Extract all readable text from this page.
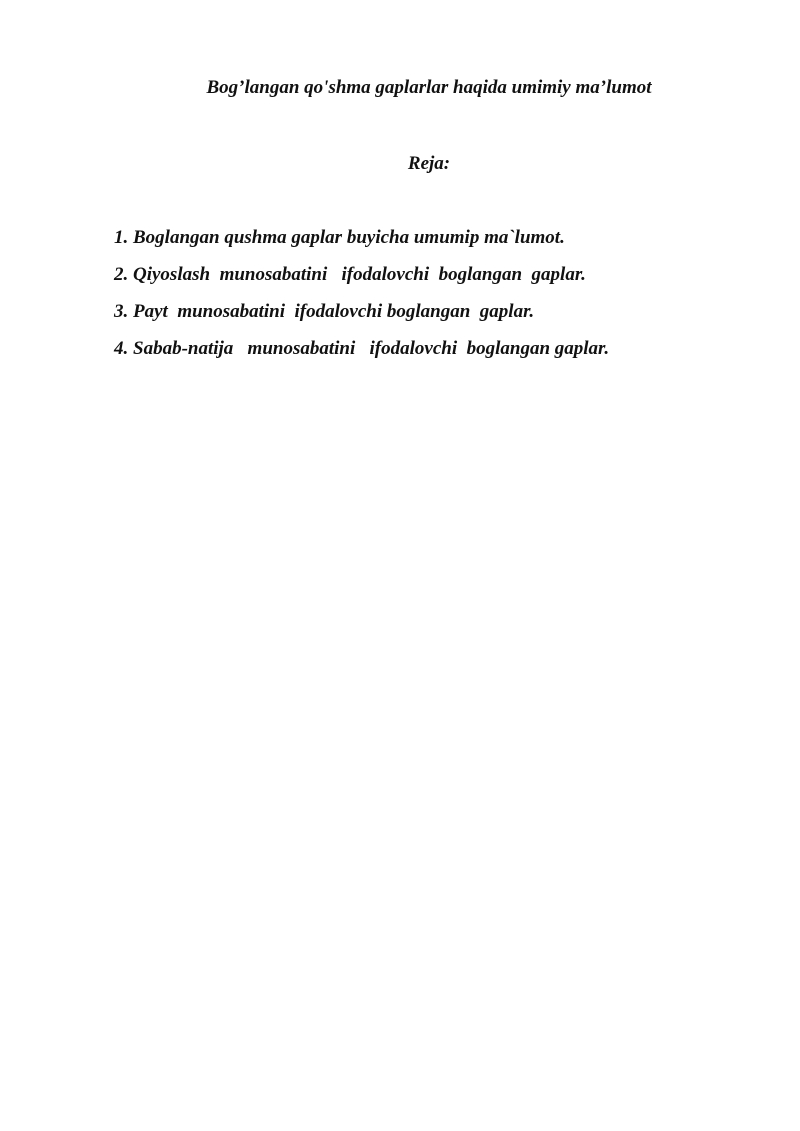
Bog’langan qo'shma gaplarlar haqida umimiy ma’lumot
Reja:
1. Boglangan qushma gaplar buyicha umumip ma`lumot.
2. Qiyoslash  munosabatini   ifodalovchi  boglangan  gaplar.
3. Payt  munosabatini  ifodalovchi boglangan  gaplar.
4. Sabab-natija   munosabatini   ifodalovchi  boglangan gaplar.
